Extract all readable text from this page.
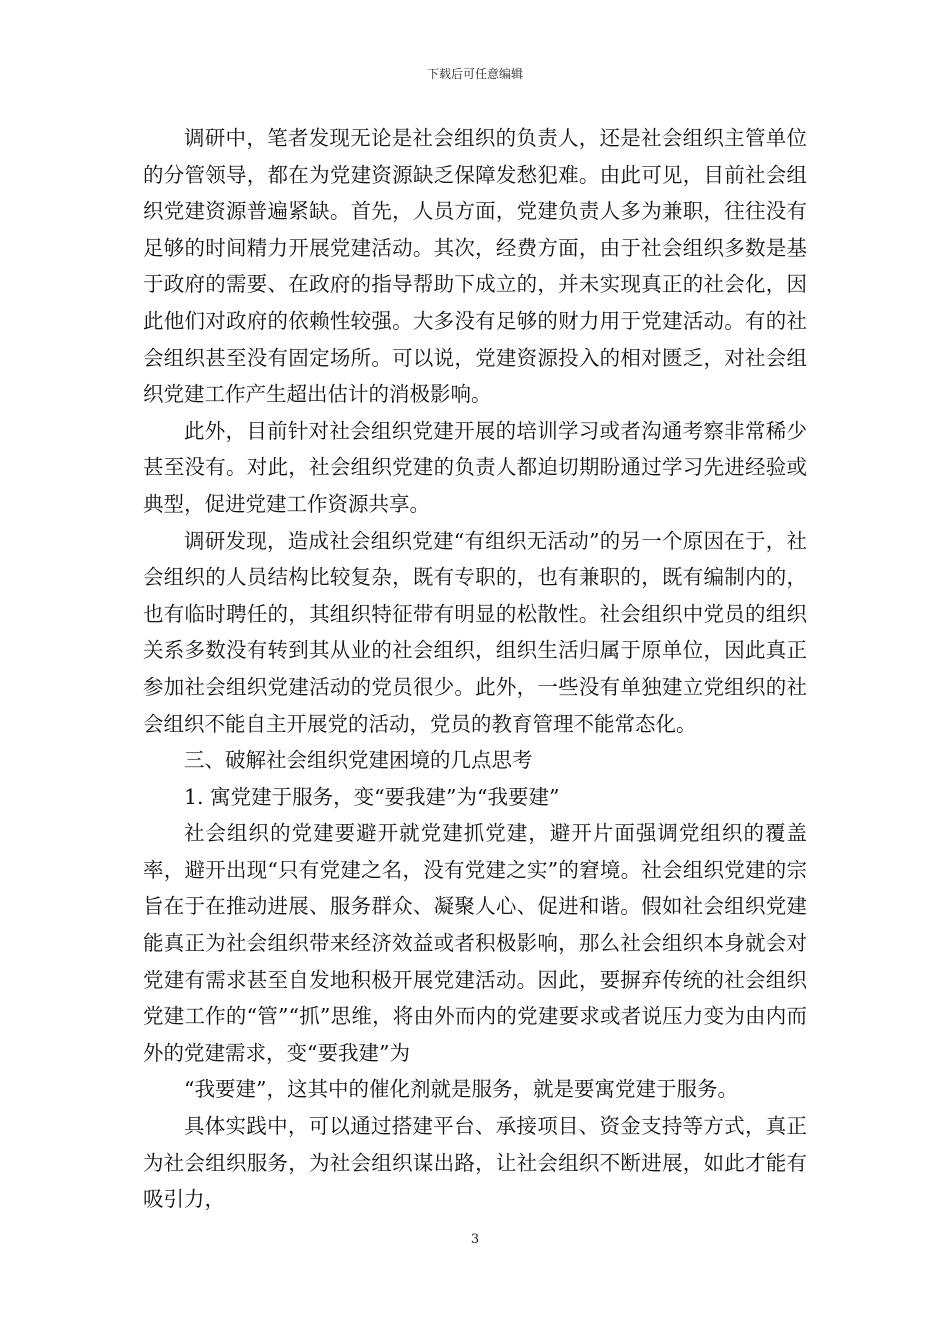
下载后可任意编辑

调研中，笔者发现无论是社会组织的负责人，还是社会组织主管单位的分管领导，都在为党建资源缺乏保障发愁犯难。由此可见，目前社会组织党建资源普遍紧缺。首先，人员方面，党建负责人多为兼职，往往没有足够的时间精力开展党建活动。其次，经费方面，由于社会组织多数是基于政府的需要、在政府的指导帮助下成立的，并未实现真正的社会化，因此他们对政府的依赖性较强。大多没有足够的财力用于党建活动。有的社会组织甚至没有固定场所。可以说，党建资源投入的相对匮乏，对社会组织党建工作产生超出估计的消极影响。

此外，目前针对社会组织党建开展的培训学习或者沟通考察非常稀少甚至没有。对此，社会组织党建的负责人都迫切期盼通过学习先进经验或典型，促进党建工作资源共享。

调研发现，造成社会组织党建“有组织无活动”的另一个原因在于，社会组织的人员结构比较复杂，既有专职的，也有兼职的，既有编制内的，也有临时聘任的，其组织特征带有明显的松散性。社会组织中党员的组织关系多数没有转到其从业的社会组织，组织生活归属于原单位，因此真正参加社会组织党建活动的党员很少。此外，一些没有单独建立党组织的社会组织不能自主开展党的活动，党员的教育管理不能常态化。

三、破解社会组织党建困境的几点思考

1. 寓党建于服务，变“要我建”为“我要建”

社会组织的党建要避开就党建抓党建，避开片面强调党组织的覆盖率，避开出现“只有党建之名，没有党建之实”的窘境。社会组织党建的宗旨在于在推动进展、服务群众、凝聚人心、促进和谐。假如社会组织党建能真正为社会组织带来经济效益或者积极影响，那么社会组织本身就会对党建有需求甚至自发地积极开展党建活动。因此，要摒弃传统的社会组织党建工作的“管”“抓”思维，将由外而内的党建要求或者说压力变为由内而外的党建需求，变“要我建”为

“我要建”，这其中的催化剂就是服务，就是要寓党建于服务。

具体实践中，可以通过搭建平台、承接项目、资金支持等方式，真正为社会组织服务，为社会组织谋出路，让社会组织不断进展，如此才能有吸引力，

3
